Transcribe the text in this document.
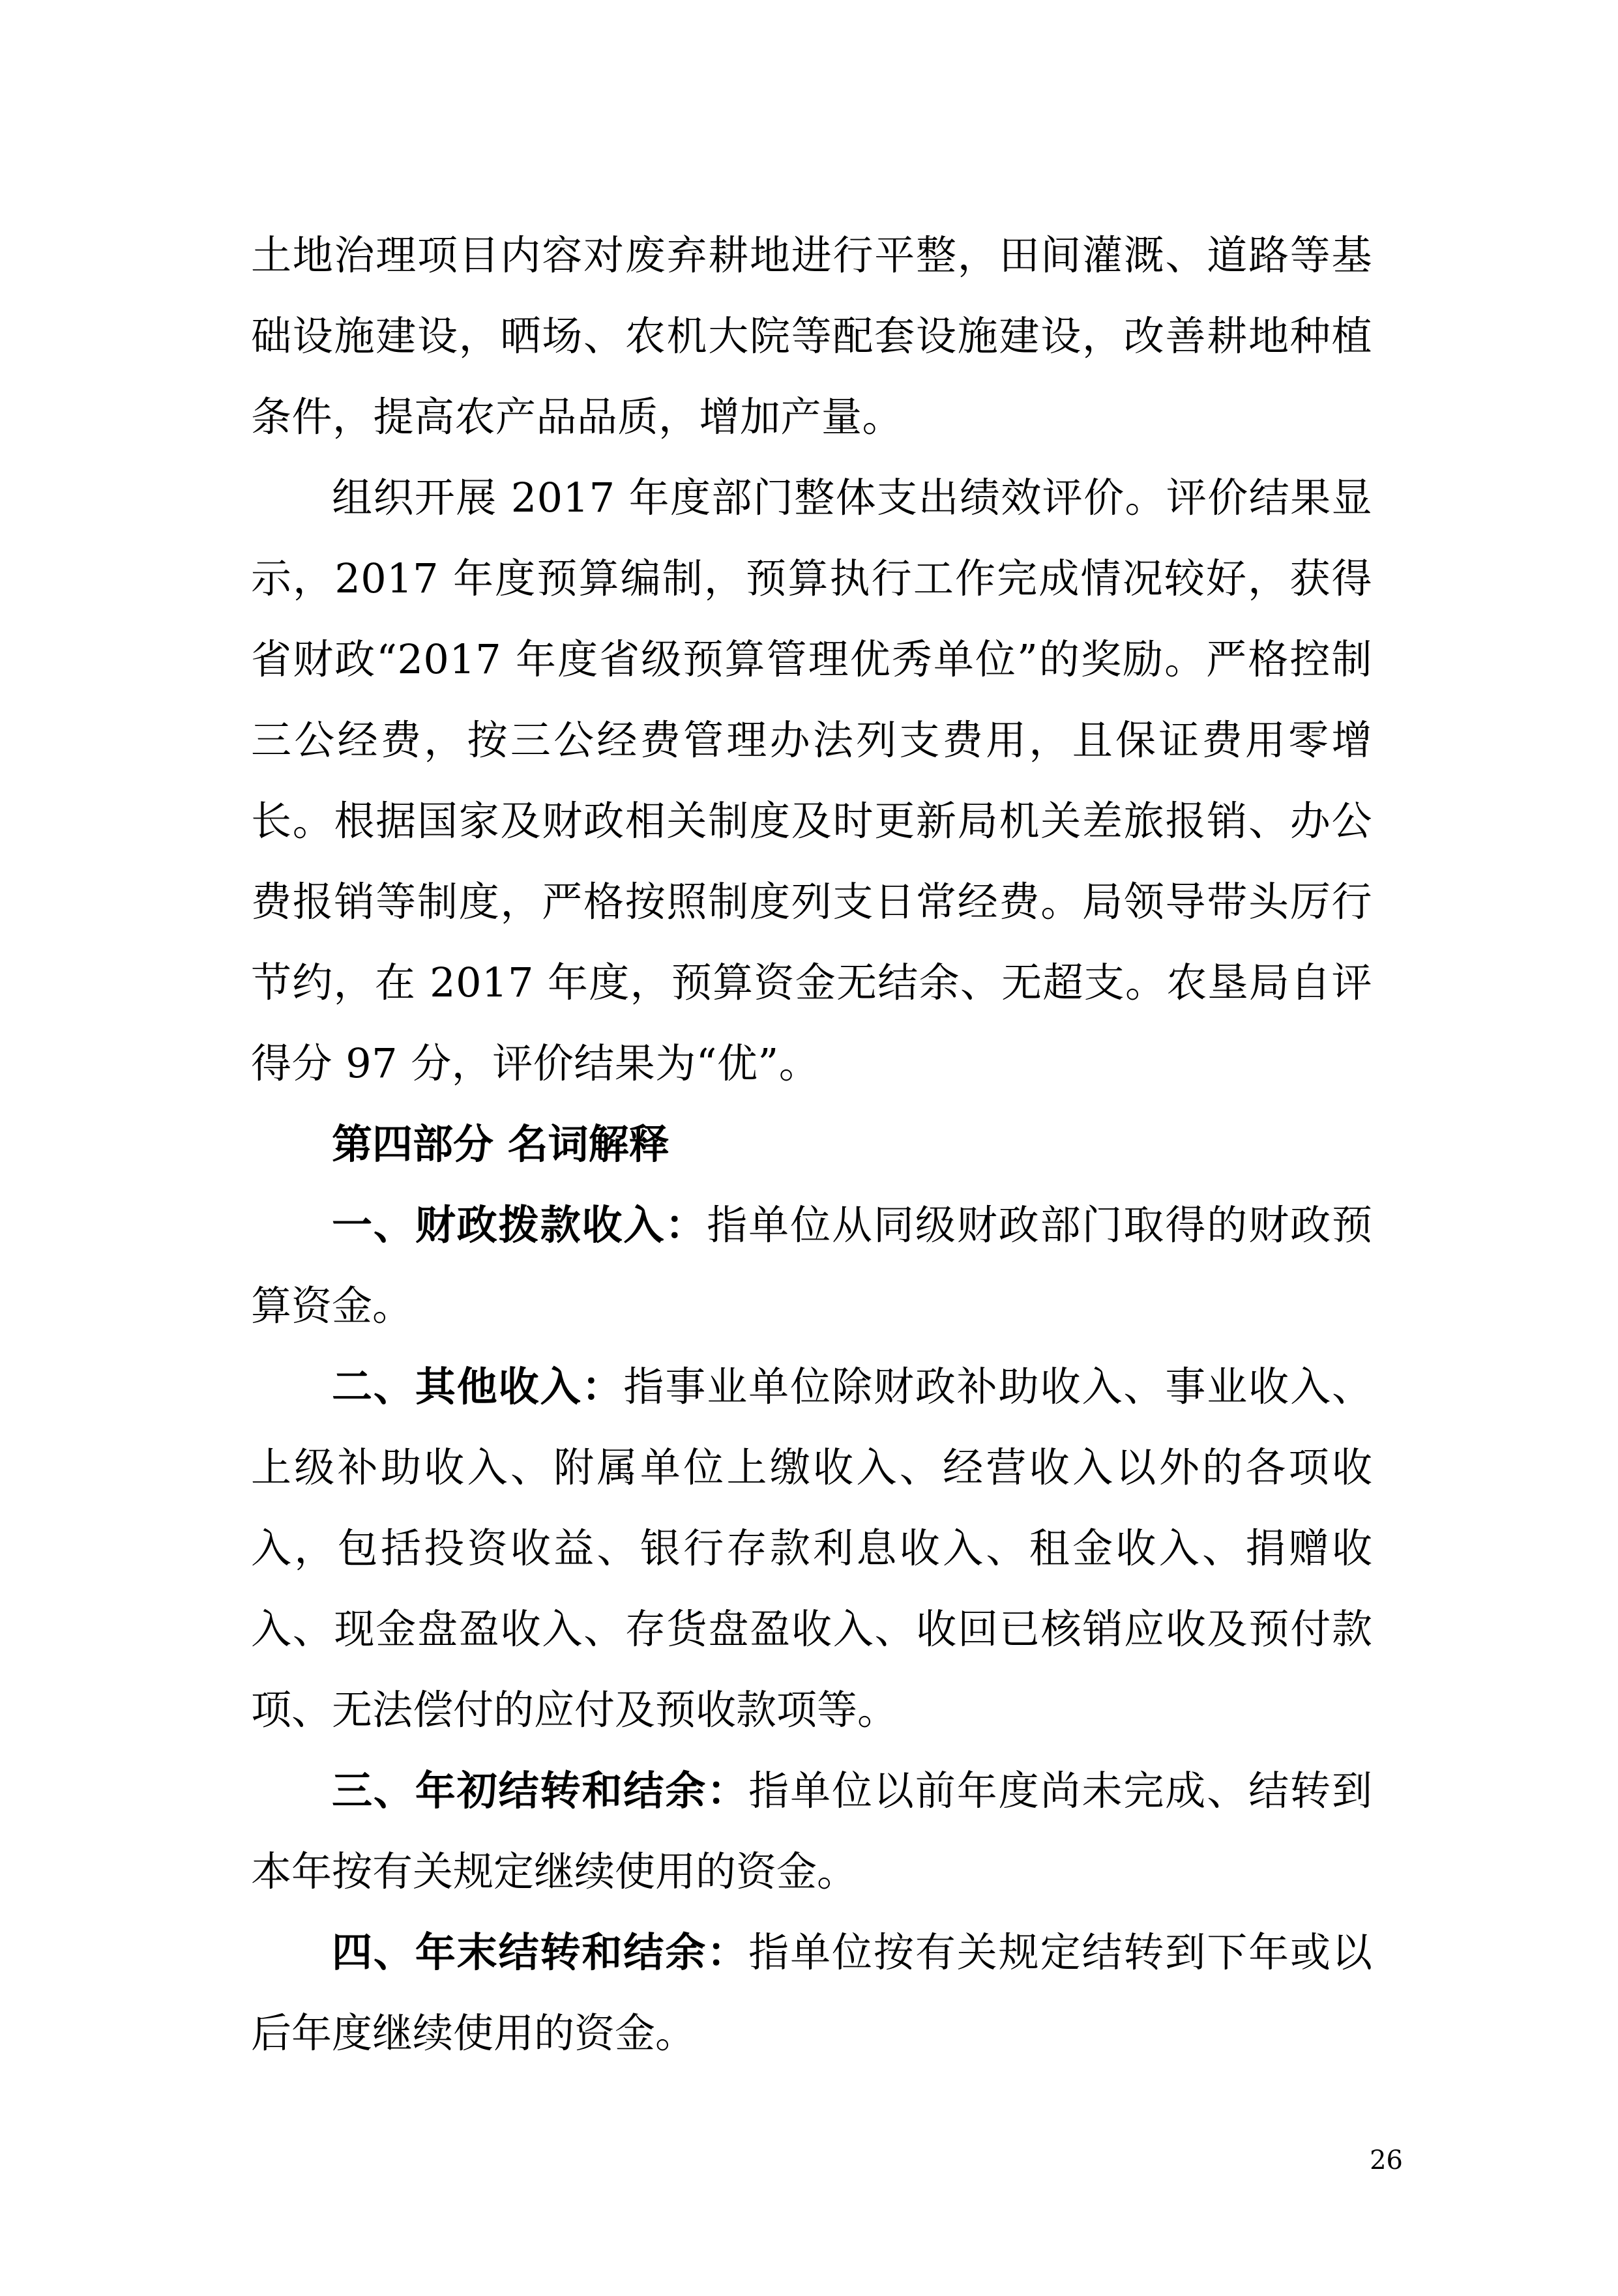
土地治理项目内容对废弃耕地进行平整，田间灌溉、道路等基础设施建设，晒场、农机大院等配套设施建设，改善耕地种植条件，提高农产品品质，增加产量。

组织开展 2017 年度部门整体支出绩效评价。评价结果显示，2017 年度预算编制，预算执行工作完成情况较好，获得省财政“2017 年度省级预算管理优秀单位”的奖励。严格控制三公经费，按三公经费管理办法列支费用，且保证费用零增长。根据国家及财政相关制度及时更新局机关差旅报销、办公费报销等制度，严格按照制度列支日常经费。局领导带头厉行节约，在 2017 年度，预算资金无结余、无超支。农垦局自评得分 97 分，评价结果为“优”。

第四部分 名词解释

一、财政拨款收入：指单位从同级财政部门取得的财政预算资金。

二、其他收入：指事业单位除财政补助收入、事业收入、上级补助收入、附属单位上缴收入、经营收入以外的各项收入，包括投资收益、银行存款利息收入、租金收入、捐赠收入、现金盘盈收入、存货盘盈收入、收回已核销应收及预付款项、无法偿付的应付及预收款项等。

三、年初结转和结余：指单位以前年度尚未完成、结转到本年按有关规定继续使用的资金。

四、年末结转和结余：指单位按有关规定结转到下年或以后年度继续使用的资金。

26
